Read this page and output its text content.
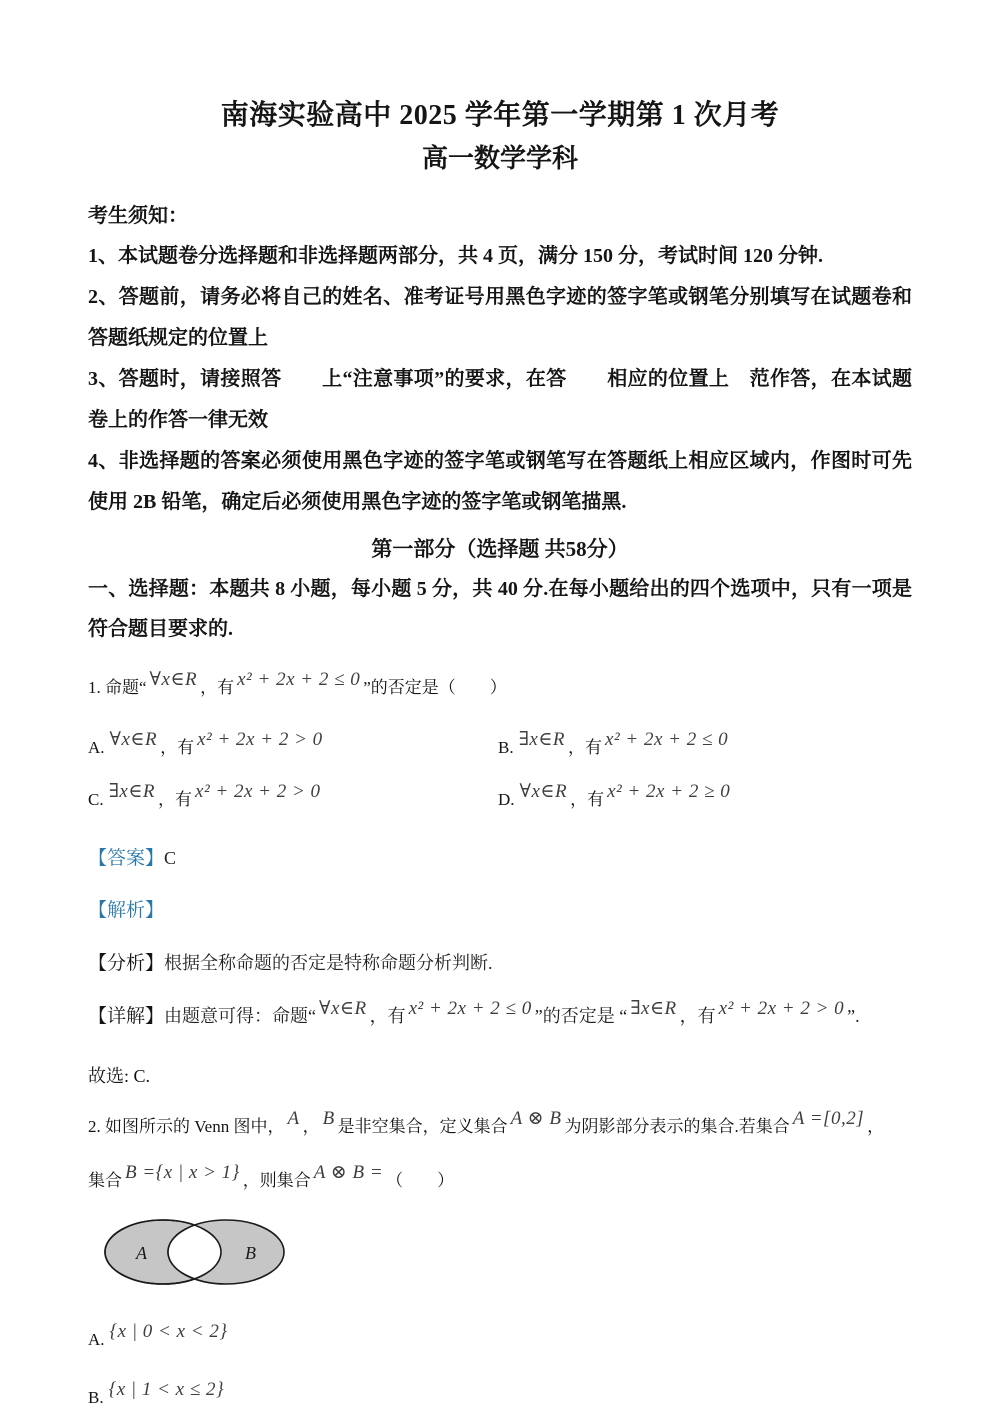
南海实验高中 2025 学年第一学期第 1 次月考
高一数学学科
考生须知：
1、本试题卷分选择题和非选择题两部分，共 4 页，满分 150 分，考试时间 120 分钟.
2、答题前，请务必将自己的姓名、准考证号用黑色字迹的签字笔或钢笔分别填写在试题卷和答题纸规定的位置上
3、答题时，请接照答　　上“注意事项”的要求，在答　　相应的位置上　范作答，在本试题卷上的作答一律无效
4、非选择题的答案必须使用黑色字迹的签字笔或钢笔写在答题纸上相应区域内，作图时可先使用 2B 铅笔，确定后必须使用黑色字迹的签字笔或钢笔描黑.
第一部分（选择题 共58分）
一、选择题：本题共 8 小题，每小题 5 分，共 40 分.在每小题给出的四个选项中，只有一项是符合题目要求的.
1. 命题“ ∀x∈R ，有 x² + 2x + 2 ≤ 0 ”的否定是（　　）
A. ∀x∈R ，有 x² + 2x + 2 > 0	B. ∃x∈R ，有 x² + 2x + 2 ≤ 0
C. ∃x∈R ，有 x² + 2x + 2 > 0	D. ∀x∈R ，有 x² + 2x + 2 ≥ 0
【答案】C
【解析】
【分析】根据全称命题的否定是特称命题分析判断.
【详解】由题意可得：命题“ ∀x∈R ，有 x² + 2x + 2 ≤ 0 ”的否定是 “ ∃x∈R ，有 x² + 2x + 2 > 0 ”.
故选: C.
2. 如图所示的 Venn 图中， A ， B 是非空集合，定义集合 A ⊗ B 为阴影部分表示的集合.若集合 A =[0,2] ，
集合 B ={x | x > 1} ，则集合 A ⊗ B = （　　）
A	B
A. {x | 0 < x < 2}
B. {x | 1 < x ≤ 2}
